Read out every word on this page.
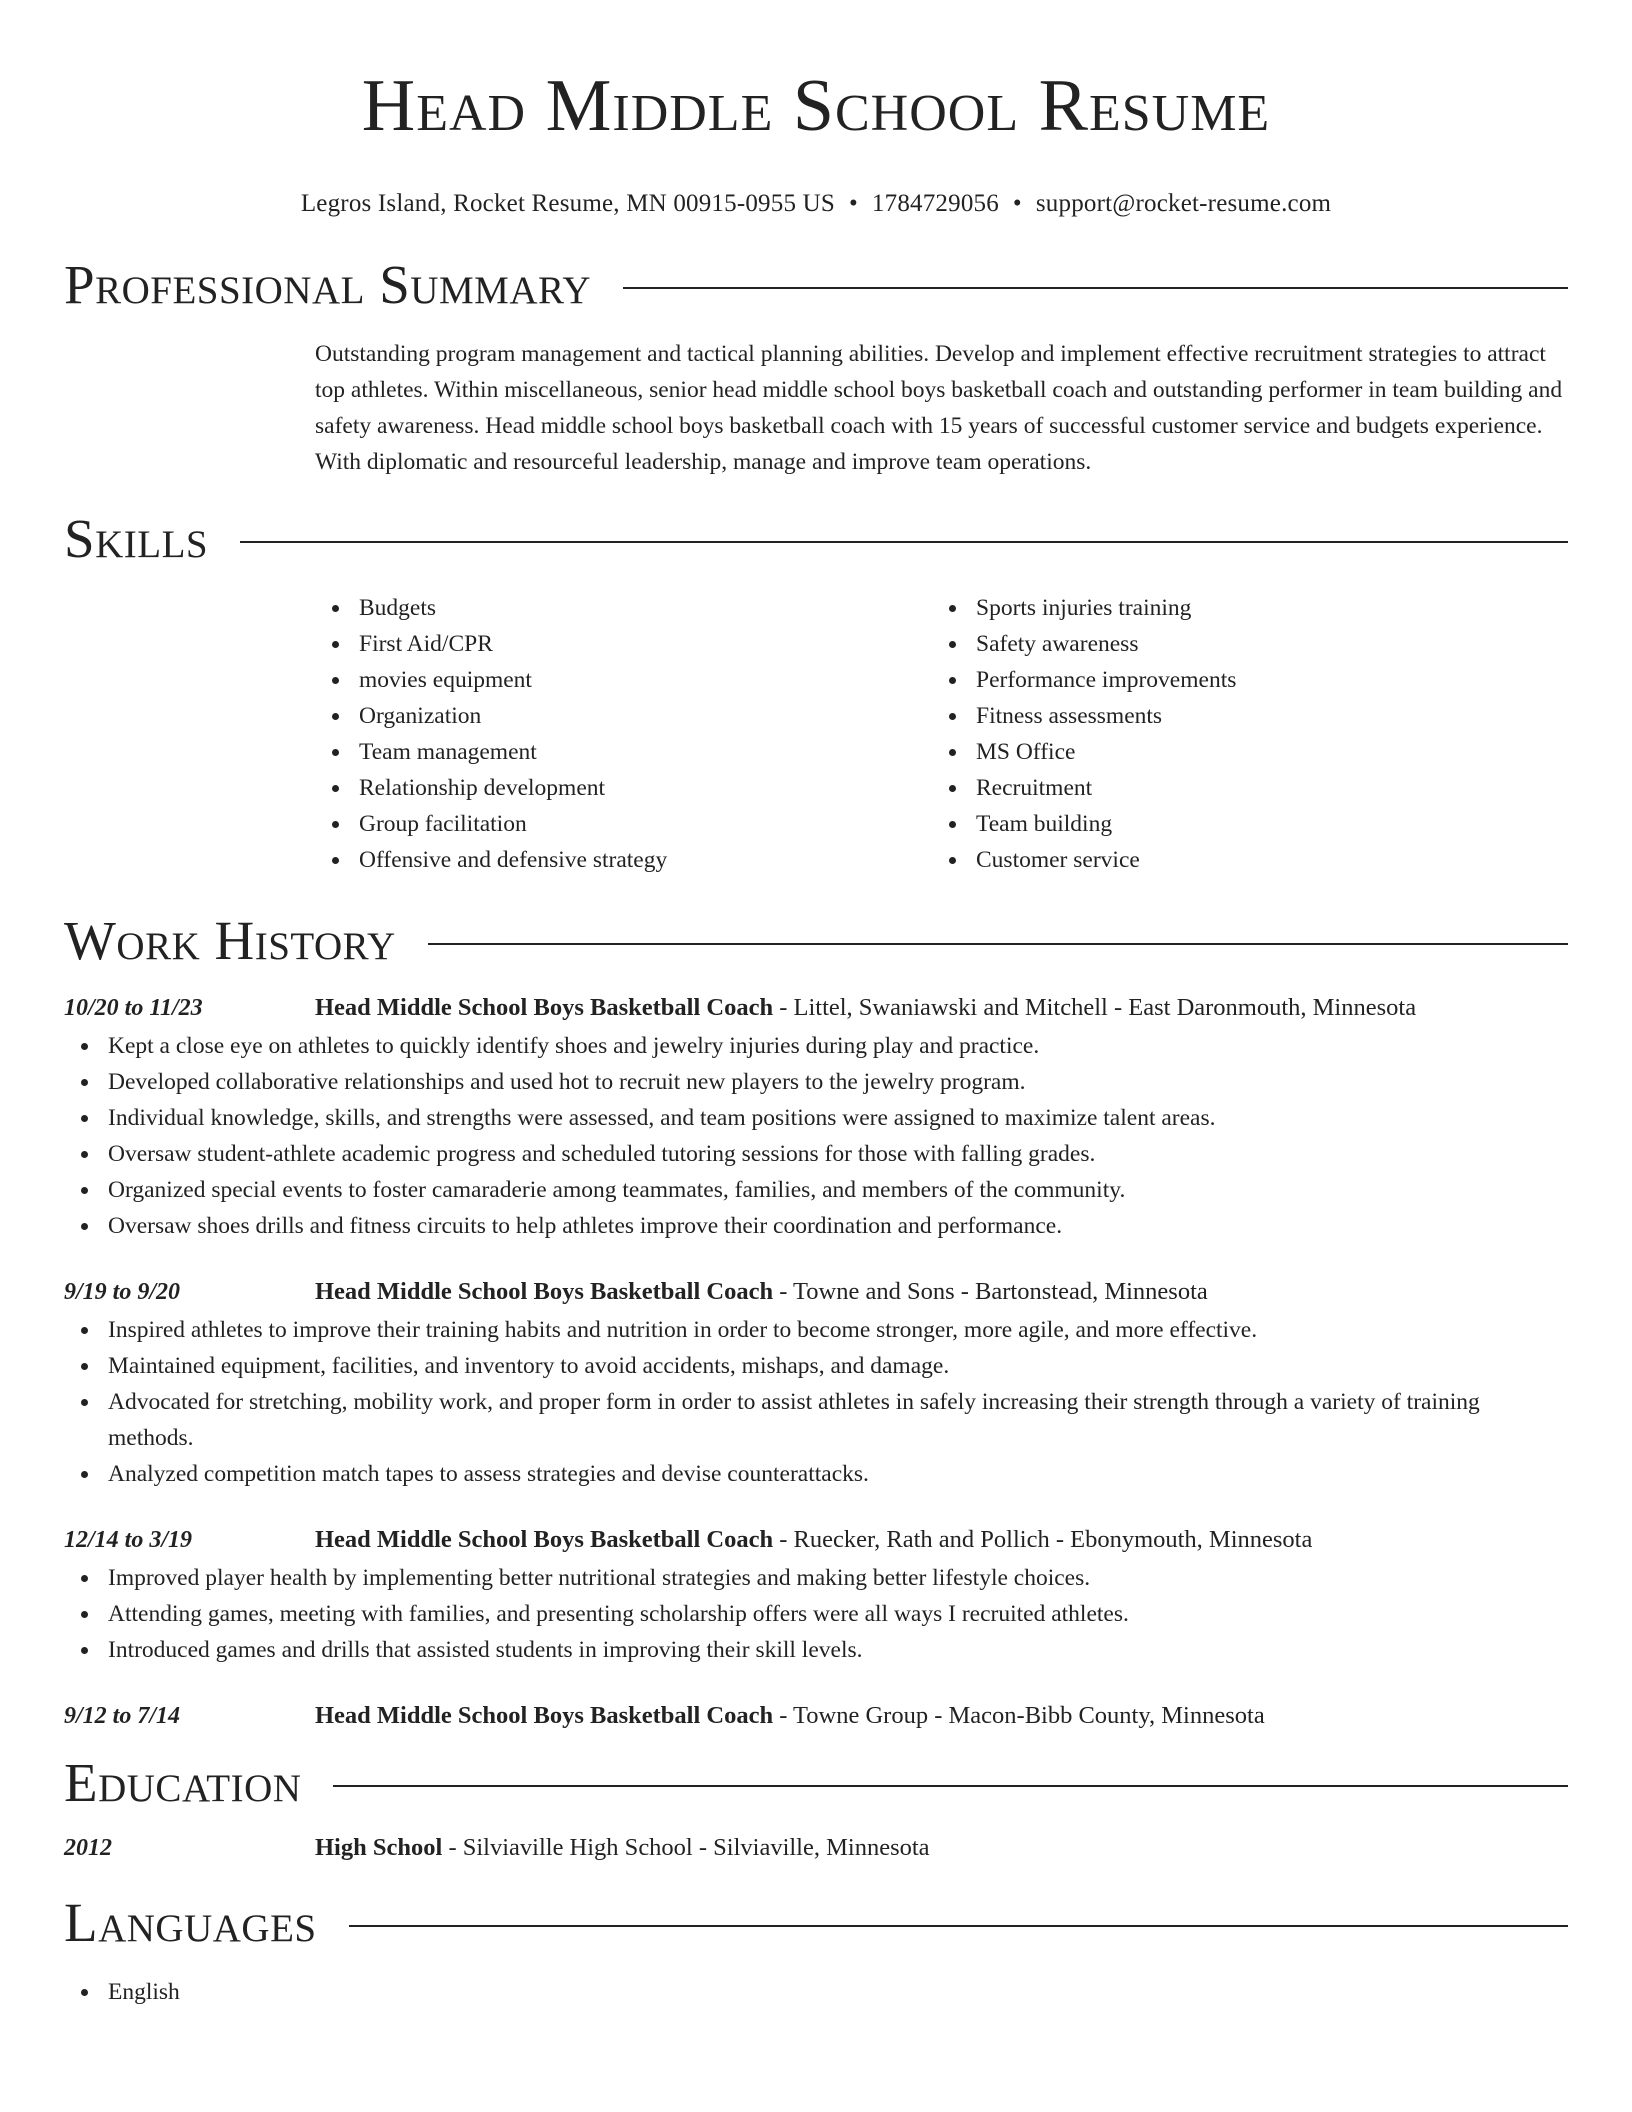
Head Middle School Resume
Legros Island, Rocket Resume, MN 00915-0955 US • 1784729056 • support@rocket-resume.com
Professional Summary

Outstanding program management and tactical planning abilities. Develop and implement effective recruitment strategies to attract top athletes. Within miscellaneous, senior head middle school boys basketball coach and outstanding performer in team building and safety awareness. Head middle school boys basketball coach with 15 years of successful customer service and budgets experience. With diplomatic and resourceful leadership, manage and improve team operations.

Skills
Budgets
First Aid/CPR
movies equipment
Organization
Team management
Relationship development
Group facilitation
Offensive and defensive strategy
Sports injuries training
Safety awareness
Performance improvements
Fitness assessments
MS Office
Recruitment
Team building
Customer service
Work History
10/20 to 11/23	Head Middle School Boys Basketball Coach - Littel, Swaniawski and Mitchell - East Daronmouth, Minnesota
Kept a close eye on athletes to quickly identify shoes and jewelry injuries during play and practice.
Developed collaborative relationships and used hot to recruit new players to the jewelry program.
Individual knowledge, skills, and strengths were assessed, and team positions were assigned to maximize talent areas.
Oversaw student-athlete academic progress and scheduled tutoring sessions for those with falling grades.
Organized special events to foster camaraderie among teammates, families, and members of the community.
Oversaw shoes drills and fitness circuits to help athletes improve their coordination and performance.
9/19 to 9/20	Head Middle School Boys Basketball Coach - Towne and Sons - Bartonstead, Minnesota
Inspired athletes to improve their training habits and nutrition in order to become stronger, more agile, and more effective.
Maintained equipment, facilities, and inventory to avoid accidents, mishaps, and damage.
Advocated for stretching, mobility work, and proper form in order to assist athletes in safely increasing their strength through a variety of training methods.
Analyzed competition match tapes to assess strategies and devise counterattacks.
12/14 to 3/19	Head Middle School Boys Basketball Coach - Ruecker, Rath and Pollich - Ebonymouth, Minnesota
Improved player health by implementing better nutritional strategies and making better lifestyle choices.
Attending games, meeting with families, and presenting scholarship offers were all ways I recruited athletes.
Introduced games and drills that assisted students in improving their skill levels.
9/12 to 7/14	Head Middle School Boys Basketball Coach - Towne Group - Macon-Bibb County, Minnesota
Education
2012	High School - Silviaville High School - Silviaville, Minnesota
Languages
English
